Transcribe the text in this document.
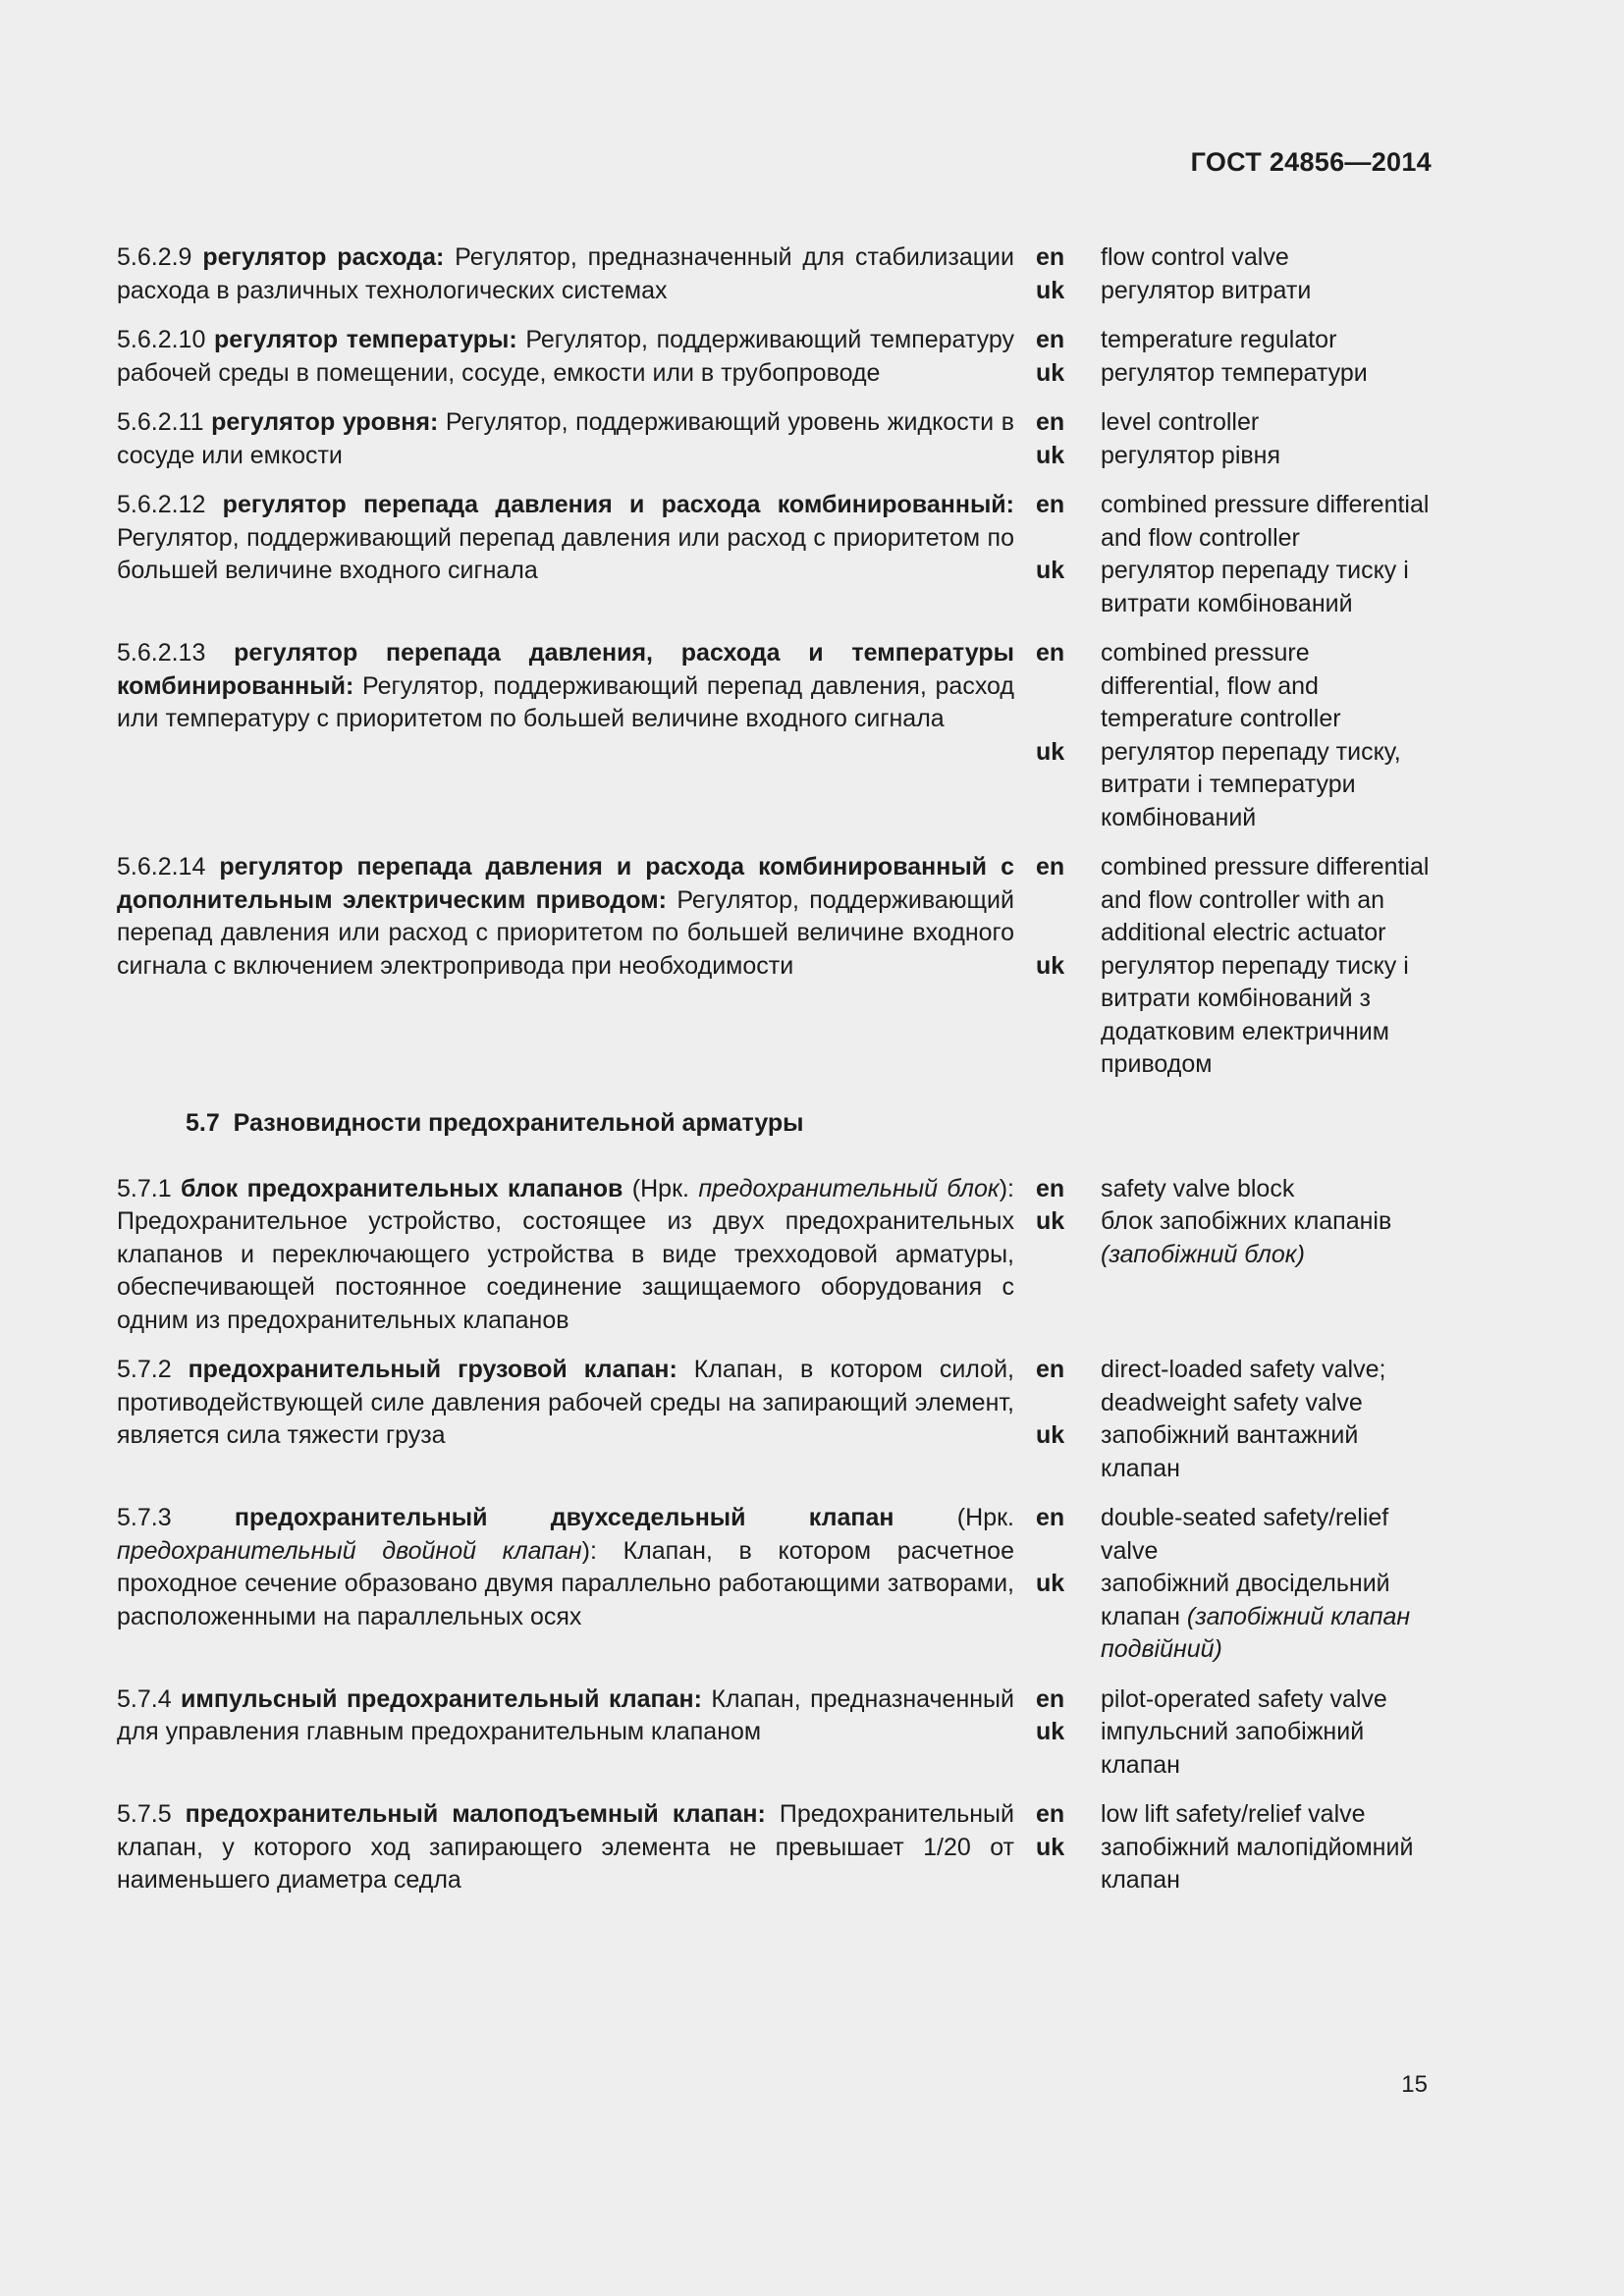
ГОСТ 24856—2014
5.6.2.9 регулятор расхода: Регулятор, предназначенный для стабилизации расхода в различных технологических системах
en
uk
flow control valve
регулятор витрати
5.6.2.10 регулятор температуры: Регулятор, поддерживающий температуру рабочей среды в помещении, сосуде, емкости или в трубопроводе
en
uk
temperature regulator
регулятор температури
5.6.2.11 регулятор уровня: Регулятор, поддерживающий уровень жидкости в сосуде или емкости
en
uk
level controller
регулятор рівня
5.6.2.12 регулятор перепада давления и расхода комбинированный: Регулятор, поддерживающий перепад давления или расход с приоритетом по большей величине входного сигнала
en
uk
combined pressure differential and flow controller
регулятор перепаду тиску і витрати комбінований
5.6.2.13 регулятор перепада давления, расхода и температуры комбинированный: Регулятор, поддерживающий перепад давления, расход или температуру с приоритетом по большей величине входного сигнала
en
uk
combined pressure differential, flow and temperature controller
регулятор перепаду тиску, витрати і температури комбінований
5.6.2.14 регулятор перепада давления и расхода комбинированный с дополнительным электрическим приводом: Регулятор, поддерживающий перепад давления или расход с приоритетом по большей величине входного сигнала с включением электропривода при необходимости
en
uk
combined pressure differential and flow controller with an additional electric actuator
регулятор перепаду тиску і витрати комбінований з додатковим електричним приводом
5.7 Разновидности предохранительной арматуры
5.7.1 блок предохранительных клапанов (Нрк. предохранительный блок): Предохранительное устройство, состоящее из двух предохранительных клапанов и переключающего устройства в виде трехходовой арматуры, обеспечивающей постоянное соединение защищаемого оборудования с одним из предохранительных клапанов
en
uk
safety valve block
блок запобіжних клапанів (запобіжний блок)
5.7.2 предохранительный грузовой клапан: Клапан, в котором силой, противодействующей силе давления рабочей среды на запирающий элемент, является сила тяжести груза
en
uk
direct-loaded safety valve; deadweight safety valve
запобіжний вантажний клапан
5.7.3	предохранительный двухседельный клапан (Нрк. предохранительный двойной клапан): Клапан, в котором расчетное проходное сечение образовано двумя параллельно работающими затворами, расположенными на параллельных осях
en
uk
double-seated safety/relief valve
запобіжний двосідельний клапан (запобіжний клапан подвійний)
5.7.4 импульсный предохранительный клапан: Клапан, предназначенный для управления главным предохранительным клапаном
en
uk
pilot-operated safety valve
імпульсний запобіжний клапан
5.7.5 предохранительный малоподъемный клапан: Предохранительный клапан, у которого ход запирающего элемента не превышает 1/20 от наименьшего диаметра седла
en
uk
low lift safety/relief valve
запобіжний малопідйомний клапан
15
